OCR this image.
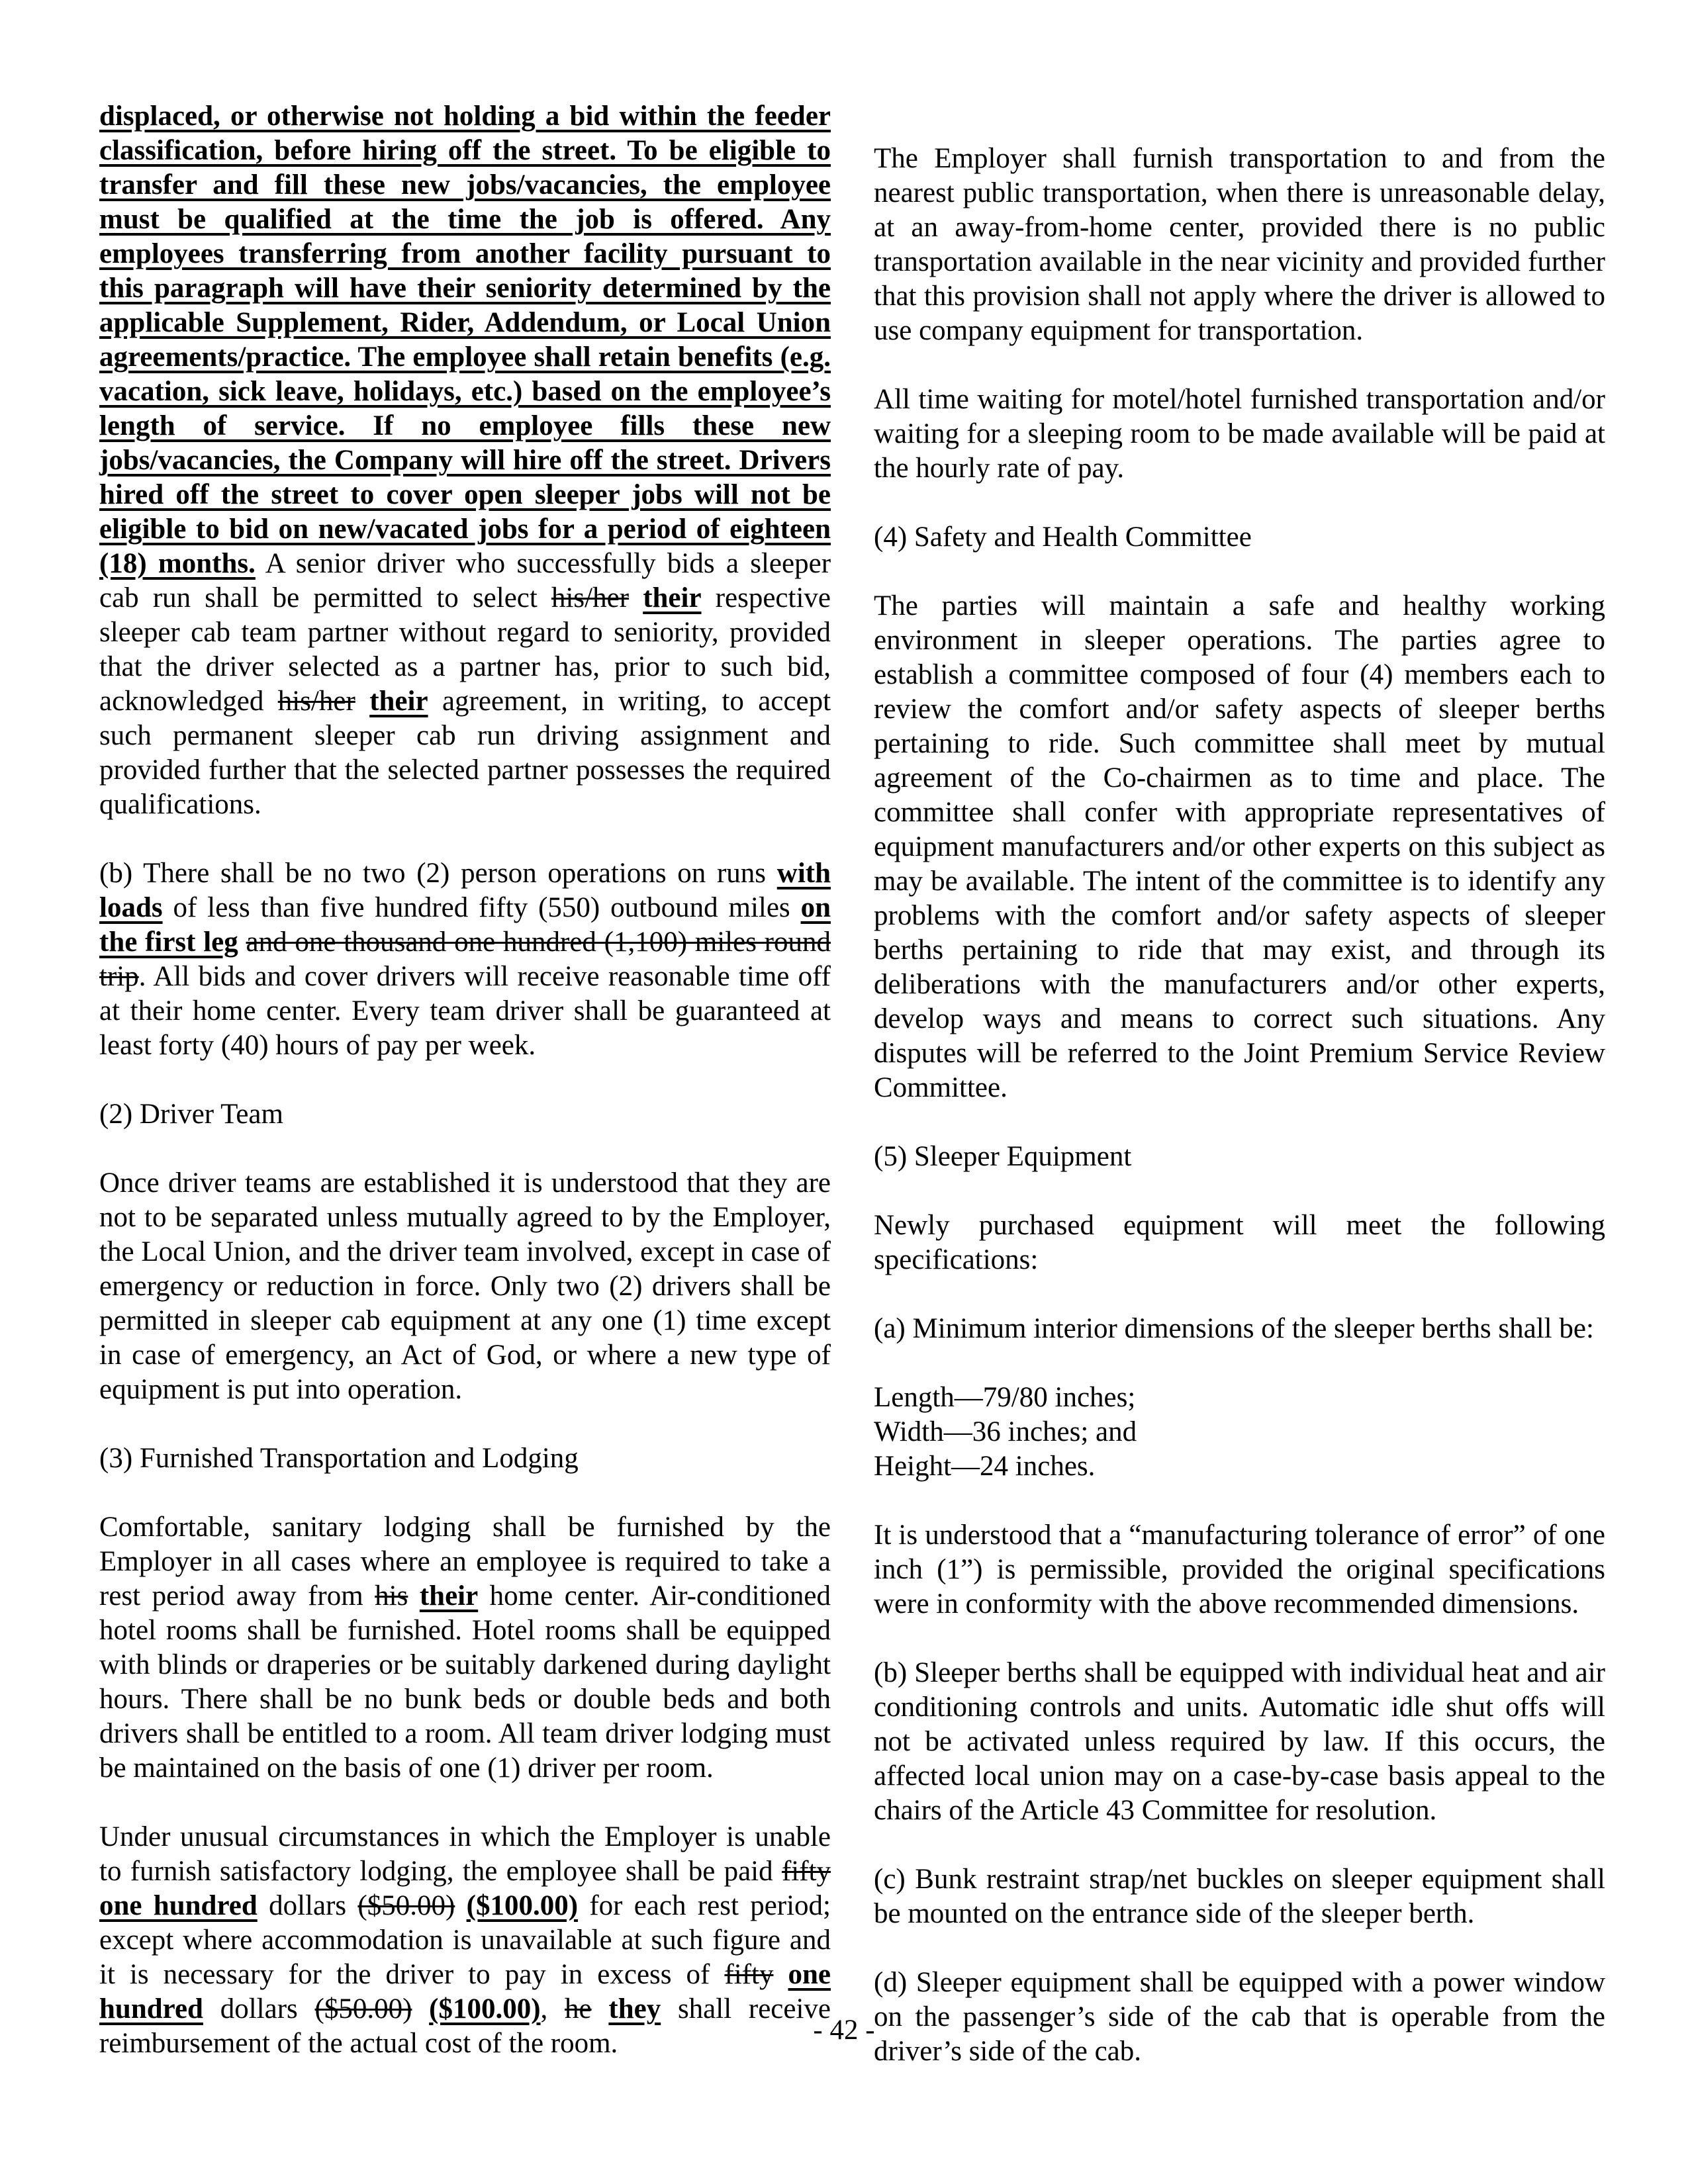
displaced, or otherwise not holding a bid within the feeder classification, before hiring off the street. To be eligible to transfer and fill these new jobs/vacancies, the employee must be qualified at the time the job is offered. Any employees transferring from another facility pursuant to this paragraph will have their seniority determined by the applicable Supplement, Rider, Addendum, or Local Union agreements/practice. The employee shall retain benefits (e.g. vacation, sick leave, holidays, etc.) based on the employee’s length of service. If no employee fills these new jobs/vacancies, the Company will hire off the street. Drivers hired off the street to cover open sleeper jobs will not be eligible to bid on new/vacated jobs for a period of eighteen (18) months. A senior driver who successfully bids a sleeper cab run shall be permitted to select his/her their respective sleeper cab team partner without regard to seniority, provided that the driver selected as a partner has, prior to such bid, acknowledged his/her their agreement, in writing, to accept such permanent sleeper cab run driving assignment and provided further that the selected partner possesses the required qualifications.

(b) There shall be no two (2) person operations on runs with loads of less than five hundred fifty (550) outbound miles on the first leg and one thousand one hundred (1,100) miles round trip. All bids and cover drivers will receive reasonable time off at their home center. Every team driver shall be guaranteed at least forty (40) hours of pay per week.

(2) Driver Team

Once driver teams are established it is understood that they are not to be separated unless mutually agreed to by the Employer, the Local Union, and the driver team involved, except in case of emergency or reduction in force. Only two (2) drivers shall be permitted in sleeper cab equipment at any one (1) time except in case of emergency, an Act of God, or where a new type of equipment is put into operation.

(3) Furnished Transportation and Lodging

Comfortable, sanitary lodging shall be furnished by the Employer in all cases where an employee is required to take a rest period away from his their home center. Air-conditioned hotel rooms shall be furnished. Hotel rooms shall be equipped with blinds or draperies or be suitably darkened during daylight hours. There shall be no bunk beds or double beds and both drivers shall be entitled to a room. All team driver lodging must be maintained on the basis of one (1) driver per room.

Under unusual circumstances in which the Employer is unable to furnish satisfactory lodging, the employee shall be paid fifty one hundred dollars ($50.00) ($100.00) for each rest period; except where accommodation is unavailable at such figure and it is necessary for the driver to pay in excess of fifty one hundred dollars ($50.00) ($100.00), he they shall receive reimbursement of the actual cost of the room.

The Employer shall furnish transportation to and from the nearest public transportation, when there is unreasonable delay, at an away-from-home center, provided there is no public transportation available in the near vicinity and provided further that this provision shall not apply where the driver is allowed to use company equipment for transportation.

All time waiting for motel/hotel furnished transportation and/or waiting for a sleeping room to be made available will be paid at the hourly rate of pay.

(4) Safety and Health Committee

The parties will maintain a safe and healthy working environment in sleeper operations. The parties agree to establish a committee composed of four (4) members each to review the comfort and/or safety aspects of sleeper berths pertaining to ride. Such committee shall meet by mutual agreement of the Co-chairmen as to time and place. The committee shall confer with appropriate representatives of equipment manufacturers and/or other experts on this subject as may be available. The intent of the committee is to identify any problems with the comfort and/or safety aspects of sleeper berths pertaining to ride that may exist, and through its deliberations with the manufacturers and/or other experts, develop ways and means to correct such situations. Any disputes will be referred to the Joint Premium Service Review Committee.

(5) Sleeper Equipment

Newly purchased equipment will meet the following specifications:

(a) Minimum interior dimensions of the sleeper berths shall be:

Length—79/80 inches;
Width—36 inches; and
Height—24 inches.

It is understood that a “manufacturing tolerance of error” of one inch (1”) is permissible, provided the original specifications were in conformity with the above recommended dimensions.

(b) Sleeper berths shall be equipped with individual heat and air conditioning controls and units. Automatic idle shut offs will not be activated unless required by law. If this occurs, the affected local union may on a case-by-case basis appeal to the chairs of the Article 43 Committee for resolution.

(c) Bunk restraint strap/net buckles on sleeper equipment shall be mounted on the entrance side of the sleeper berth.

(d) Sleeper equipment shall be equipped with a power window on the passenger’s side of the cab that is operable from the driver’s side of the cab.

- 42 -
